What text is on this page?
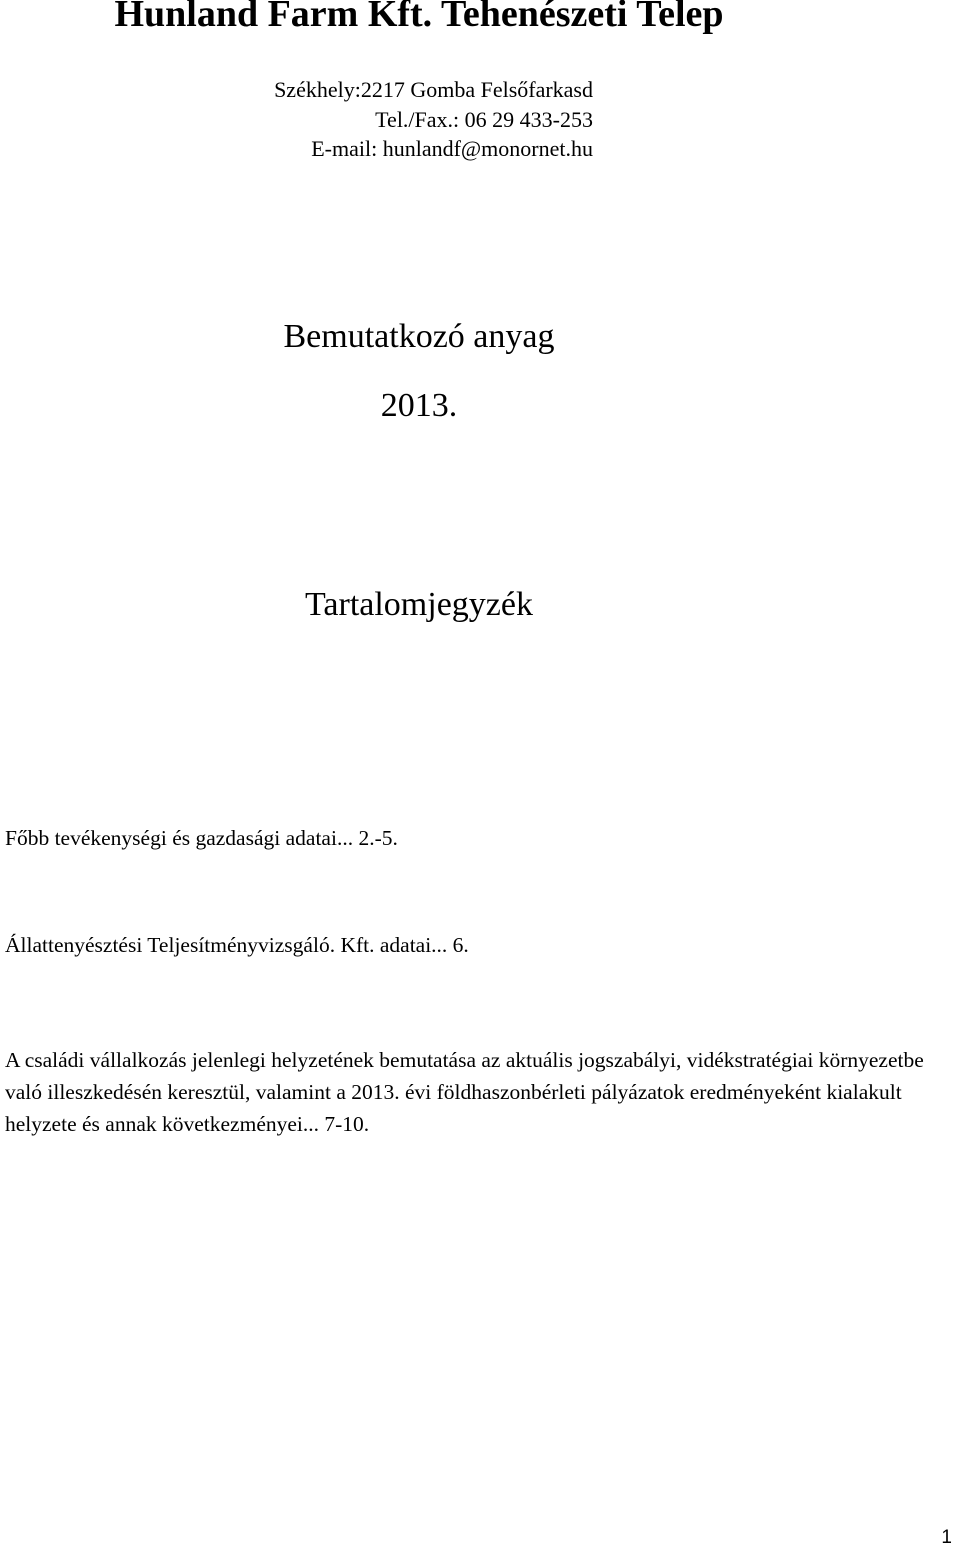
Hunland Farm Kft. Tehenészeti Telep
Székhely:2217 Gomba Felsőfarkasd
Tel./Fax.: 06 29 433-253
E-mail: hunlandf@monornet.hu
Bemutatkozó anyag
2013.
Tartalomjegyzék
Főbb tevékenységi és gazdasági adatai... 2.-5.
Állattenyésztési Teljesítményvizsgáló. Kft. adatai... 6.
A családi vállalkozás jelenlegi helyzetének bemutatása az aktuális jogszabályi, vidékstratégiai környezetbe való illeszkedésén keresztül, valamint a 2013. évi földhaszonbérleti pályázatok eredményeként kialakult helyzete és annak következményei... 7-10.
1
